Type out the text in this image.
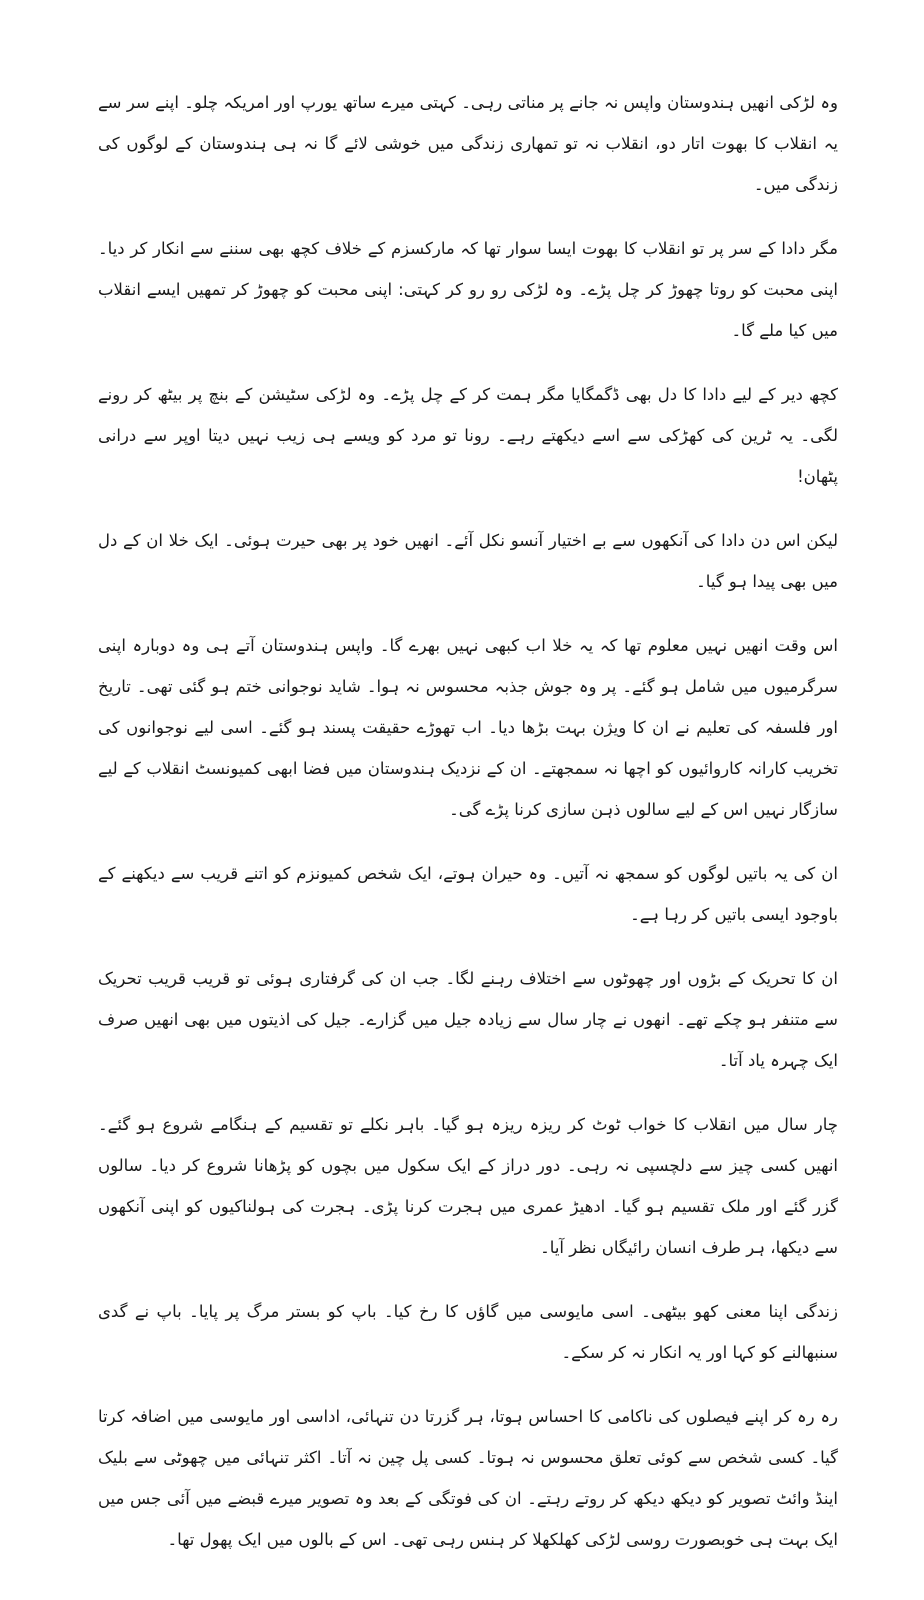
وہ لڑکی انھیں ہندوستان واپس نہ جانے پر مناتی رہی۔ کہتی میرے ساتھ یورپ اور امریکہ چلو۔ اپنے سر سے یہ انقلاب کا بھوت اتار دو، انقلاب نہ تو تمھاری زندگی میں خوشی لائے گا نہ ہی ہندوستان کے لوگوں کی زندگی میں۔

مگر دادا کے سر پر تو انقلاب کا بھوت ایسا سوار تھا کہ مارکسزم کے خلاف کچھ بھی سننے سے انکار کر دیا۔ اپنی محبت کو روتا چھوڑ کر چل پڑے۔ وہ لڑکی رو رو کر کہتی: اپنی محبت کو چھوڑ کر تمھیں ایسے انقلاب میں کیا ملے گا۔

کچھ دیر کے لیے دادا کا دل بھی ڈگمگایا مگر ہمت کر کے چل پڑے۔ وہ لڑکی سٹیشن کے بنچ پر بیٹھ کر رونے لگی۔ یہ ٹرین کی کھڑکی سے اسے دیکھتے رہے۔ رونا تو مرد کو ویسے ہی زیب نہیں دیتا اوپر سے درانی پٹھان!

لیکن اس دن دادا کی آنکھوں سے بے اختیار آنسو نکل آئے۔ انھیں خود پر بھی حیرت ہوئی۔ ایک خلا ان کے دل میں بھی پیدا ہو گیا۔

اس وقت انھیں نہیں معلوم تھا کہ یہ خلا اب کبھی نہیں بھرے گا۔ واپس ہندوستان آتے ہی وہ دوبارہ اپنی سرگرمیوں میں شامل ہو گئے۔ پر وہ جوش جذبہ محسوس نہ ہوا۔ شاید نوجوانی ختم ہو گئی تھی۔ تاریخ اور فلسفہ کی تعلیم نے ان کا ویژن بہت بڑھا دیا۔ اب تھوڑے حقیقت پسند ہو گئے۔ اسی لیے نوجوانوں کی تخریب کارانہ کاروائیوں کو اچھا نہ سمجھتے۔ ان کے نزدیک ہندوستان میں فضا ابھی کمیونسٹ انقلاب کے لیے سازگار نہیں اس کے لیے سالوں ذہن سازی کرنا پڑے گی۔

ان کی یہ باتیں لوگوں کو سمجھ نہ آتیں۔ وہ حیران ہوتے، ایک شخص کمیونزم کو اتنے قریب سے دیکھنے کے باوجود ایسی باتیں کر رہا ہے۔

ان کا تحریک کے بڑوں اور چھوٹوں سے اختلاف رہنے لگا۔ جب ان کی گرفتاری ہوئی تو قریب قریب تحریک سے متنفر ہو چکے تھے۔ انھوں نے چار سال سے زیادہ جیل میں گزارے۔ جیل کی اذیتوں میں بھی انھیں صرف ایک چہرہ یاد آتا۔

چار سال میں انقلاب کا خواب ٹوٹ کر ریزہ ریزہ ہو گیا۔ باہر نکلے تو تقسیم کے ہنگامے شروع ہو گئے۔ انھیں کسی چیز سے دلچسپی نہ رہی۔ دور دراز کے ایک سکول میں بچوں کو پڑھانا شروع کر دیا۔ سالوں گزر گئے اور ملک تقسیم ہو گیا۔ ادھیڑ عمری میں ہجرت کرنا پڑی۔ ہجرت کی ہولناکیوں کو اپنی آنکھوں سے دیکھا، ہر طرف انسان رائیگاں نظر آیا۔

زندگی اپنا معنی کھو بیٹھی۔ اسی مایوسی میں گاؤں کا رخ کیا۔ باپ کو بستر مرگ پر پایا۔ باپ نے گدی سنبھالنے کو کہا اور یہ انکار نہ کر سکے۔

رہ رہ کر اپنے فیصلوں کی ناکامی کا احساس ہوتا، ہر گزرتا دن تنہائی، اداسی اور مایوسی میں اضافہ کرتا گیا۔ کسی شخص سے کوئی تعلق محسوس نہ ہوتا۔ کسی پل چین نہ آتا۔ اکثر تنہائی میں چھوٹی سے بلیک اینڈ وائٹ تصویر کو دیکھ دیکھ کر روتے رہتے۔ ان کی فوتگی کے بعد وہ تصویر میرے قبضے میں آئی جس میں ایک بہت ہی خوبصورت روسی لڑکی کھلکھلا کر ہنس رہی تھی۔ اس کے بالوں میں ایک پھول تھا۔
